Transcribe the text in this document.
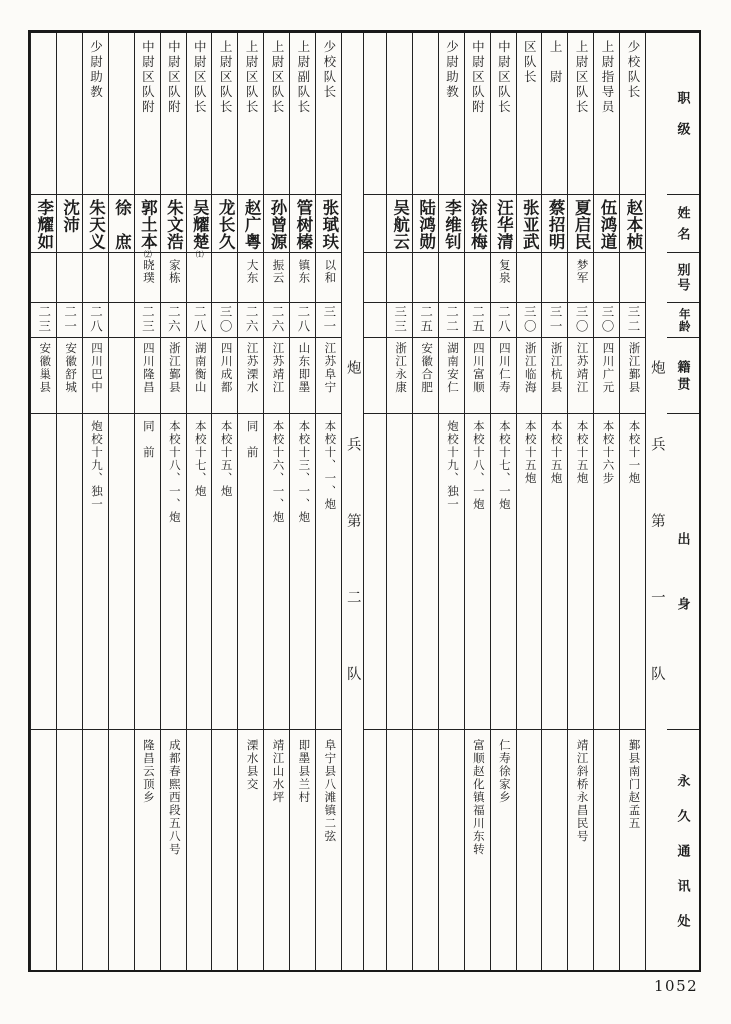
职级
姓名
别号
年龄
籍贯
出身
永久通讯处
炮兵第一队
少校队长
赵本桢
三二
浙江鄞县
本校十一炮
鄞县南门赵孟五
上尉指导员
伍鸿道
三〇
四川广元
本校十六步
上尉区队长
夏启民
梦军
三〇
江苏靖江
本校十五炮
靖江斜桥永昌民号
上　尉
蔡招明
三一
浙江杭县
本校十五炮
区队长
张亚武
三〇
浙江临海
本校十五炮
中尉区队长
汪华清
复泉
二八
四川仁寿
本校十七、一炮
仁寿徐家乡
中尉区队附
涂铁梅
二五
四川富顺
本校十八、一炮
富顺赵化镇福川东转
少尉助教
李维钊
二二
湖南安仁
炮校十九、独一
陆鸿勋
二五
安徽合肥
吴航云
三三
浙江永康
炮兵第二队
少校队长
张珷玞
以和
三一
江苏阜宁
本校十、一、炮
阜宁县八滩镇二弦
上尉副队长
管树榛
镇东
二八
山东即墨
本校十三、一、炮
即墨县兰村
上尉区队长
孙曾源
振云
二六
江苏靖江
本校十六、一、炮
靖江山水坪
上尉区队长
赵广粤
大东
二六
江苏溧水
同　前
溧水县交
上尉区队长
龙长久
三〇
四川成都
本校十五、炮
中尉区队长
吴耀楚⑴
二八
湖南衡山
本校十七、炮
中尉区队附
朱文浩
家栋
二六
浙江鄞县
本校十八、一、炮
成都春熙西段五八号
中尉区队附
郭土本⑵
晓璞
二三
四川隆昌
同　前
隆昌云顶乡
徐　庶
少尉助教
朱天义
二八
四川巴中
炮校十九、独一
沈沛
二一
安徽舒城
李耀如
二三
安徽巢县
1052
